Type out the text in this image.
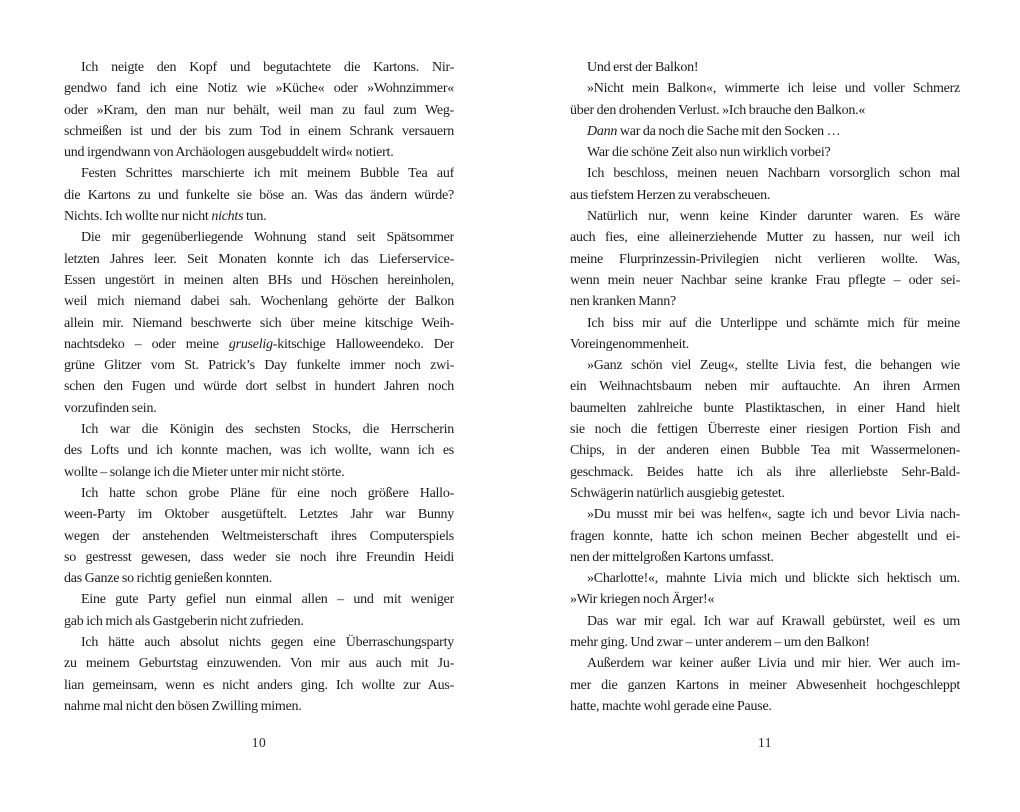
Ich neigte den Kopf und begutachtete die Kartons. Nir-
gendwo fand ich eine Notiz wie »Küche« oder »Wohnzimmer«
oder »Kram, den man nur behält, weil man zu faul zum Weg-
schmeißen ist und der bis zum Tod in einem Schrank versauern
und irgendwann von Archäologen ausgebuddelt wird« notiert.
Festen Schrittes marschierte ich mit meinem Bubble Tea auf
die Kartons zu und funkelte sie böse an. Was das ändern würde?
Nichts. Ich wollte nur nicht nichts tun.
Die mir gegenüberliegende Wohnung stand seit Spätsommer
letzten Jahres leer. Seit Monaten konnte ich das Lieferservice-
Essen ungestört in meinen alten BHs und Höschen hereinholen,
weil mich niemand dabei sah. Wochenlang gehörte der Balkon
allein mir. Niemand beschwerte sich über meine kitschige Weih-
nachtsdeko – oder meine gruselig-kitschige Halloweendeko. Der
grüne Glitzer vom St. Patrick’s Day funkelte immer noch zwi-
schen den Fugen und würde dort selbst in hundert Jahren noch
vorzufinden sein.
Ich war die Königin des sechsten Stocks, die Herrscherin
des Lofts und ich konnte machen, was ich wollte, wann ich es
wollte – solange ich die Mieter unter mir nicht störte.
Ich hatte schon grobe Pläne für eine noch größere Hallo-
ween-Party im Oktober ausgetüftelt. Letztes Jahr war Bunny
wegen der anstehenden Weltmeisterschaft ihres Computerspiels
so gestresst gewesen, dass weder sie noch ihre Freundin Heidi
das Ganze so richtig genießen konnten.
Eine gute Party gefiel nun einmal allen – und mit weniger
gab ich mich als Gastgeberin nicht zufrieden.
Ich hätte auch absolut nichts gegen eine Überraschungsparty
zu meinem Geburtstag einzuwenden. Von mir aus auch mit Ju-
lian gemeinsam, wenn es nicht anders ging. Ich wollte zur Aus-
nahme mal nicht den bösen Zwilling mimen.
10
Und erst der Balkon!
»Nicht mein Balkon«, wimmerte ich leise und voller Schmerz
über den drohenden Verlust. »Ich brauche den Balkon.«
Dann war da noch die Sache mit den Socken …
War die schöne Zeit also nun wirklich vorbei?
Ich beschloss, meinen neuen Nachbarn vorsorglich schon mal
aus tiefstem Herzen zu verabscheuen.
Natürlich nur, wenn keine Kinder darunter waren. Es wäre
auch fies, eine alleinerziehende Mutter zu hassen, nur weil ich
meine Flurprinzessin-Privilegien nicht verlieren wollte. Was,
wenn mein neuer Nachbar seine kranke Frau pflegte – oder sei-
nen kranken Mann?
Ich biss mir auf die Unterlippe und schämte mich für meine
Voreingenommenheit.
»Ganz schön viel Zeug«, stellte Livia fest, die behangen wie
ein Weihnachtsbaum neben mir auftauchte. An ihren Armen
baumelten zahlreiche bunte Plastiktaschen, in einer Hand hielt
sie noch die fettigen Überreste einer riesigen Portion Fish and
Chips, in der anderen einen Bubble Tea mit Wassermelonen-
geschmack. Beides hatte ich als ihre allerliebste Sehr-Bald-
Schwägerin natürlich ausgiebig getestet.
»Du musst mir bei was helfen«, sagte ich und bevor Livia nach-
fragen konnte, hatte ich schon meinen Becher abgestellt und ei-
nen der mittelgroßen Kartons umfasst.
»Charlotte!«, mahnte Livia mich und blickte sich hektisch um.
»Wir kriegen noch Ärger!«
Das war mir egal. Ich war auf Krawall gebürstet, weil es um
mehr ging. Und zwar – unter anderem – um den Balkon!
Außerdem war keiner außer Livia und mir hier. Wer auch im-
mer die ganzen Kartons in meiner Abwesenheit hochgeschleppt
hatte, machte wohl gerade eine Pause.
11
